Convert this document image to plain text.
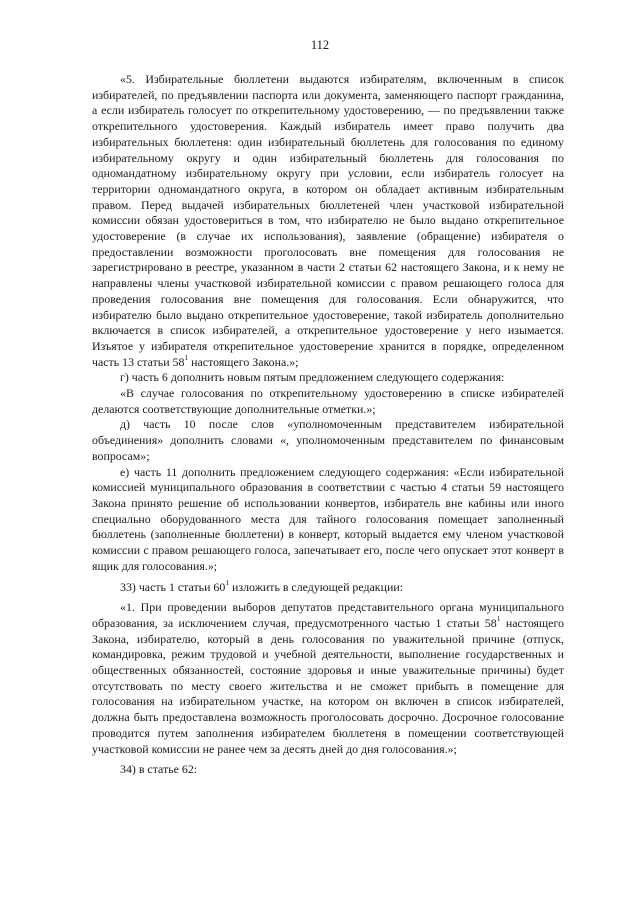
112

«5. Избирательные бюллетени выдаются избирателям, включенным в список избирателей, по предъявлении паспорта или документа, заменяющего паспорт гражданина, а если избиратель голосует по открепительному удостоверению, — по предъявлении также открепительного удостоверения. Каждый избиратель имеет право получить два избирательных бюллетеня: один избирательный бюллетень для голосования по единому избирательному округу и один избирательный бюллетень для голосования по одномандатному избирательному округу при условии, если избиратель голосует на территории одномандатного округа, в котором он обладает активным избирательным правом. Перед выдачей избирательных бюллетеней член участковой избирательной комиссии обязан удостовериться в том, что избирателю не было выдано открепительное удостоверение (в случае их использования), заявление (обращение) избирателя о предоставлении возможности проголосовать вне помещения для голосования не зарегистрировано в реестре, указанном в части 2 статьи 62 настоящего Закона, и к нему не направлены члены участковой избирательной комиссии с правом решающего голоса для проведения голосования вне помещения для голосования. Если обнаружится, что избирателю было выдано открепительное удостоверение, такой избиратель дополнительно включается в список избирателей, а открепительное удостоверение у него изымается. Изъятое у избирателя открепительное удостоверение хранится в порядке, определенном часть 13 статьи $58^1$ настоящего Закона.»;

г) часть 6 дополнить новым пятым предложением следующего содержания:

«В случае голосования по открепительному удостоверению в списке избирателей делаются соответствующие дополнительные отметки.»;

д) часть 10 после слов «уполномоченным представителем избирательной объединения» дополнить словами «, уполномоченным представителем по финансовым вопросам»;

е) часть 11 дополнить предложением следующего содержания: «Если избирательной комиссией муниципального образования в соответствии с частью 4 статьи 59 настоящего Закона принято решение об использовании конвертов, избиратель вне кабины или иного специально оборудованного места для тайного голосования помещает заполненный бюллетень (заполненные бюллетени) в конверт, который выдается ему членом участковой комиссии с правом решающего голоса, запечатывает его, после чего опускает этот конверт в ящик для голосования.»;

33) часть 1 статьи $60^1$ изложить в следующей редакции:

«1. При проведении выборов депутатов представительного органа муниципального образования, за исключением случая, предусмотренного частью 1 статьи $58^1$ настоящего Закона, избирателю, который в день голосования по уважительной причине (отпуск, командировка, режим трудовой и учебной деятельности, выполнение государственных и общественных обязанностей, состояние здоровья и иные уважительные причины) будет отсутствовать по месту своего жительства и не сможет прибыть в помещение для голосования на избирательном участке, на котором он включен в список избирателей, должна быть предоставлена возможность проголосовать досрочно. Досрочное голосование проводится путем заполнения избирателем бюллетеня в помещении соответствующей участковой комиссии не ранее чем за десять дней до дня голосования.»;

34) в статье 62:
